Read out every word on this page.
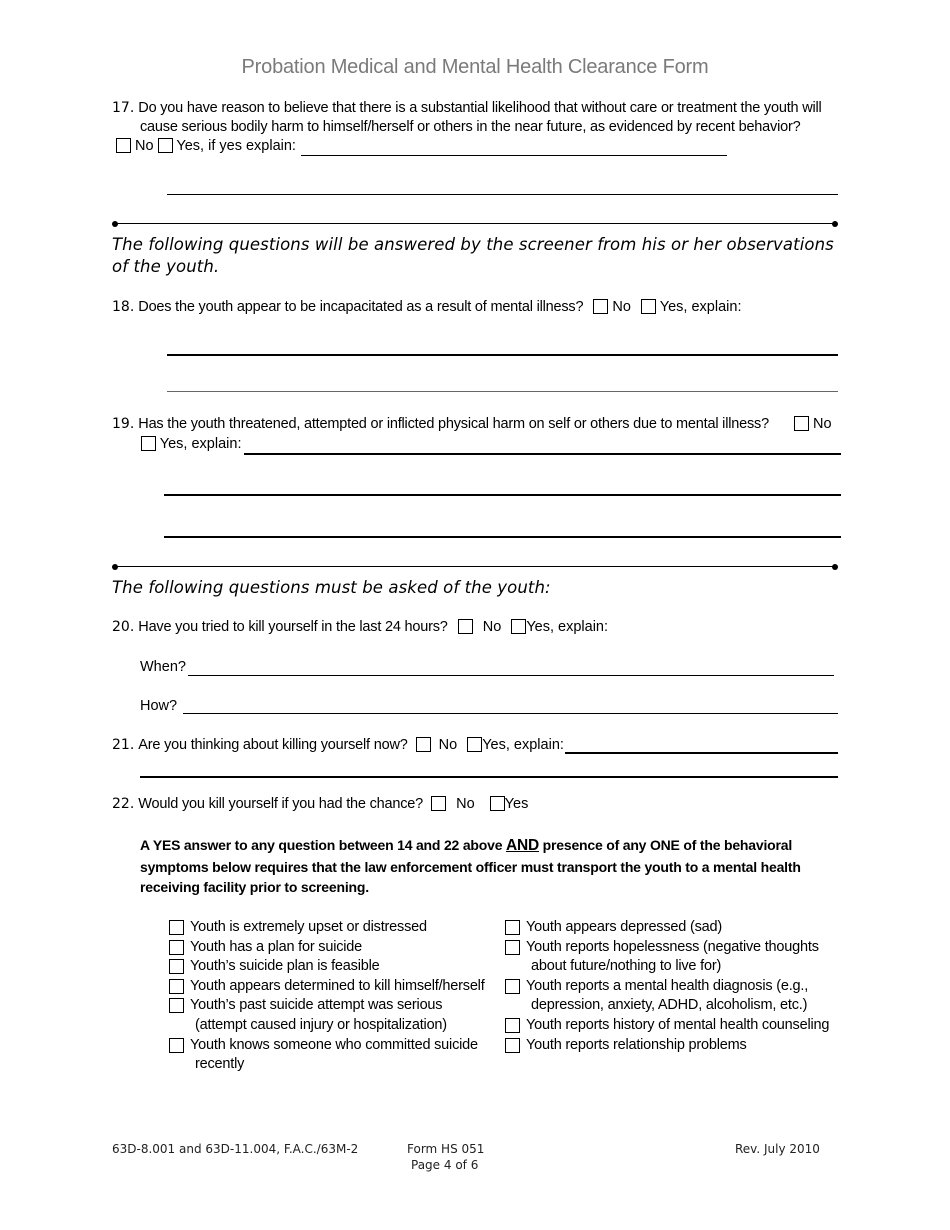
Probation Medical and Mental Health Clearance Form
17. Do you have reason to believe that there is a substantial likelihood that without care or treatment the youth will
cause serious bodily harm to himself/herself or others in the near future, as evidenced by recent behavior?
No Yes, if yes explain:
The following questions will be answered by the screener from his or her observations
of the youth.
18. Does the youth appear to be incapacitated as a result of mental illness? No Yes, explain:
19. Has the youth threatened, attempted or inflicted physical harm on self or others due to mental illness?	No
Yes, explain:
The following questions must be asked of the youth:
20. Have you tried to kill yourself in the last 24 hours? No Yes, explain:
When?
How?
21. Are you thinking about killing yourself now? No Yes, explain:
22. Would you kill yourself if you had the chance? No Yes
A YES answer to any question between 14 and 22 above AND presence of any ONE of the behavioral
symptoms below requires that the law enforcement officer must transport the youth to a mental health
receiving facility prior to screening.
Youth is extremely upset or distressed
Youth has a plan for suicide
Youth’s suicide plan is feasible
Youth appears determined to kill himself/herself
Youth’s past suicide attempt was serious
(attempt caused injury or hospitalization)
Youth knows someone who committed suicide
recently
Youth appears depressed (sad)
Youth reports hopelessness (negative thoughts
about future/nothing to live for)
Youth reports a mental health diagnosis (e.g.,
depression, anxiety, ADHD, alcoholism, etc.)
Youth reports history of mental health counseling
Youth reports relationship problems
63D-8.001 and 63D-11.004, F.A.C./63M-2	Form HS 051
Page 4 of 6
Rev. July 2010
